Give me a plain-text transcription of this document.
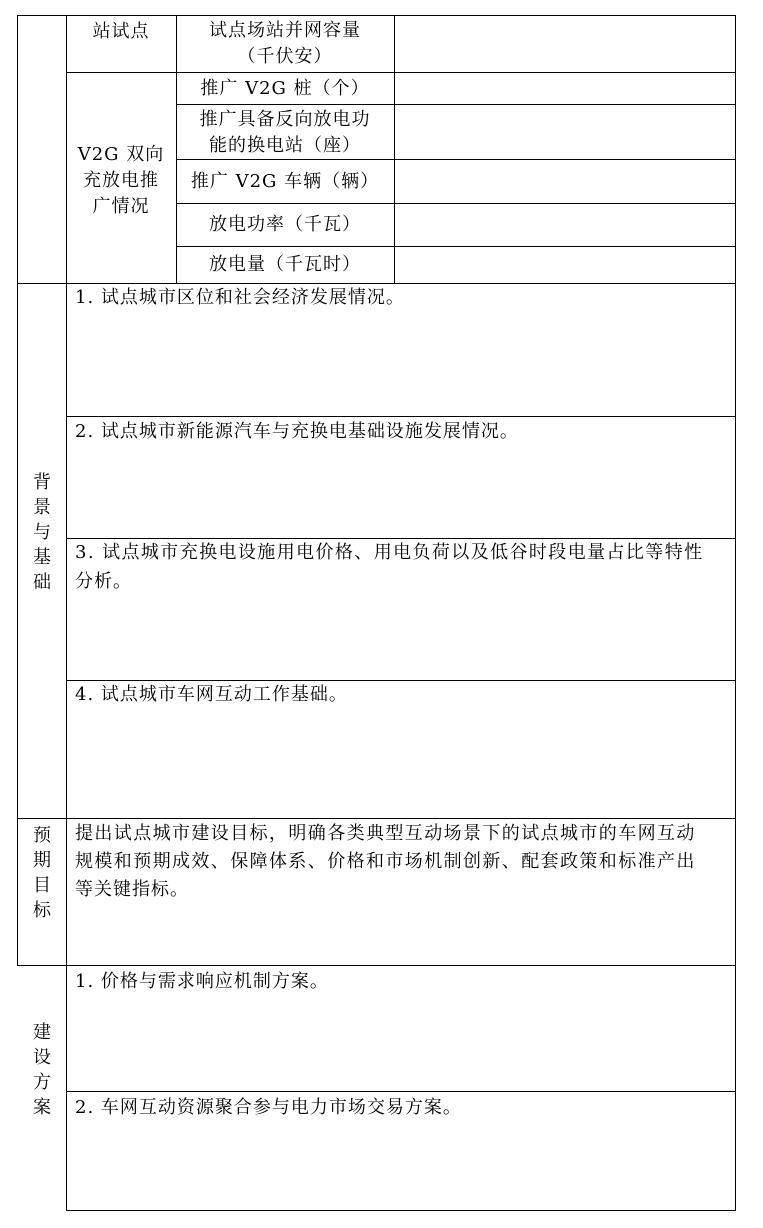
站试点	试点场站并网容量
（千伏安）
V2G 双向
充放电推
广情况
推广 V2G 桩（个）
推广具备反向放电功
能的换电站（座）
推广 V2G 车辆（辆）
放电功率（千瓦）
放电量（千瓦时）
背
景
与
基
础
1. 试点城市区位和社会经济发展情况。
2. 试点城市新能源汽车与充换电基础设施发展情况。
3. 试点城市充换电设施用电价格、用电负荷以及低谷时段电量占比等特性
分析。
4. 试点城市车网互动工作基础。
预
期
目
标
提出试点城市建设目标，明确各类典型互动场景下的试点城市的车网互动
规模和预期成效、保障体系、价格和市场机制创新、配套政策和标准产出
等关键指标。
建
设
方
案
1. 价格与需求响应机制方案。
2. 车网互动资源聚合参与电力市场交易方案。
